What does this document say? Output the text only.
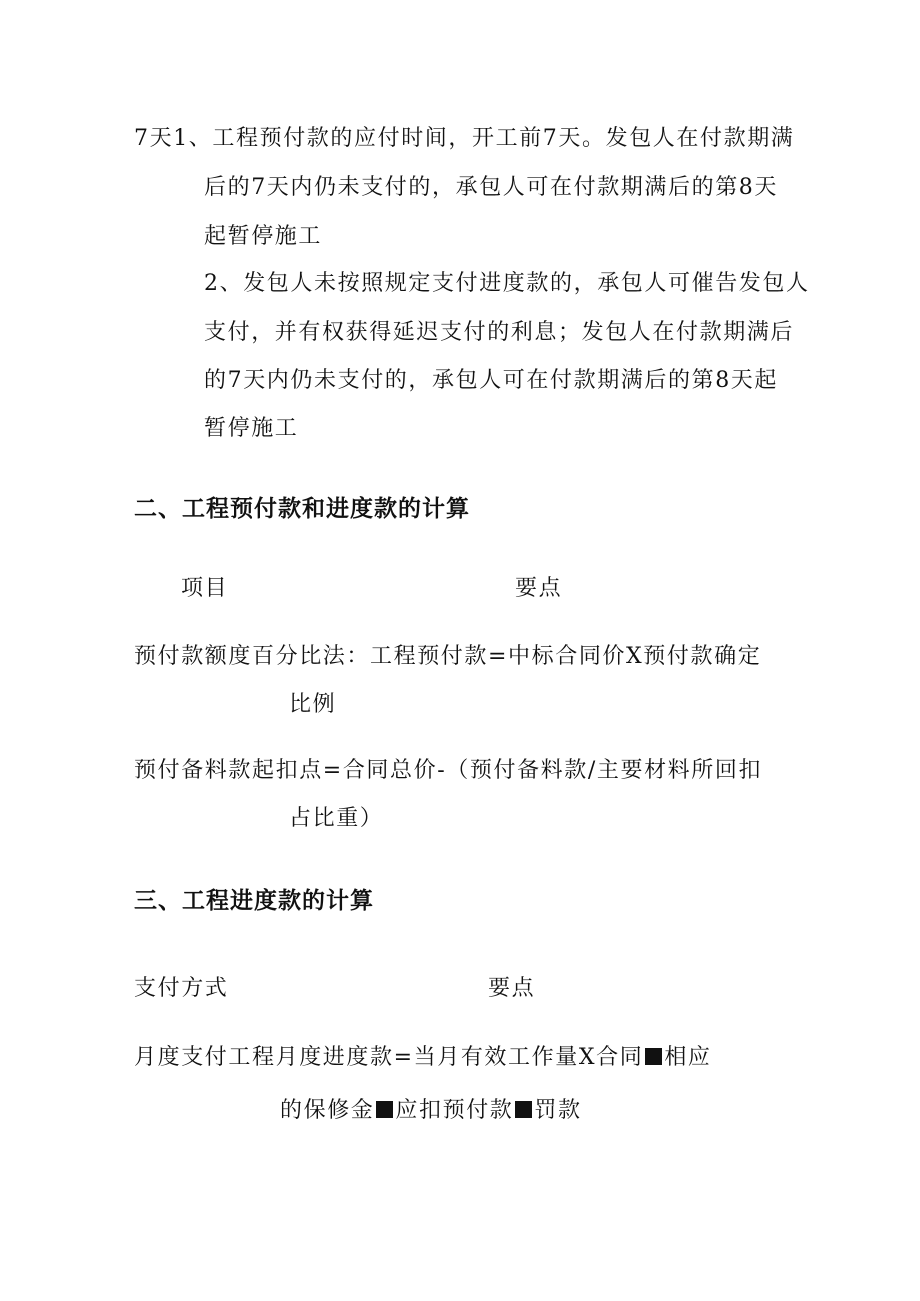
7天1、工程预付款的应付时间，开工前7天。发包人在付款期满
后的7天内仍未支付的，承包人可在付款期满后的第8天
起暂停施工
2、发包人未按照规定支付进度款的，承包人可催告发包人
支付，并有权获得延迟支付的利息；发包人在付款期满后
的7天内仍未支付的，承包人可在付款期满后的第8天起
暂停施工
二、工程预付款和进度款的计算
项目	要点
预付款额度百分比法：工程预付款=中标合同价X预付款确定
比例
预付备料款起扣点=合同总价-（预付备料款/主要材料所回扣
占比重）
三、工程进度款的计算
支付方式	要点
月度支付工程月度进度款=当月有效工作量X合同 相应
的保修金 应扣预付款 罚款
